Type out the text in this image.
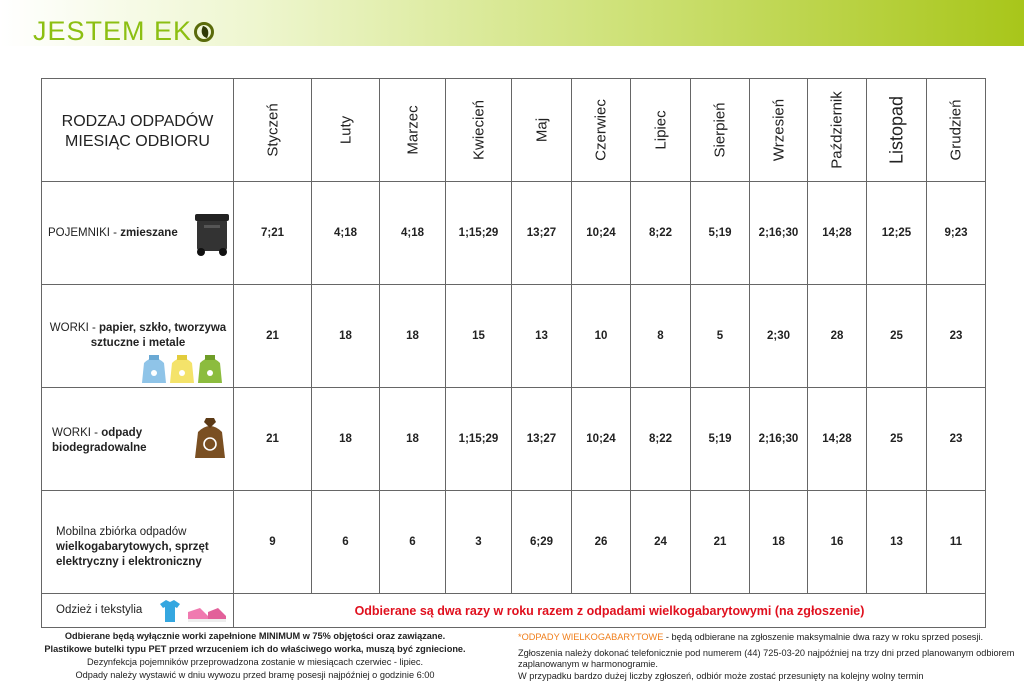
JESTEM EK
RODZAJ ODPADÓW
MIESIĄC ODBIORU	Styczeń	Luty	Marzec	Kwiecień	Maj	Czerwiec	Lipiec	Sierpień	Wrzesień	Październik	Listopad	Grudzień

POJEMNIKI - zmieszane	7;21	4;18	4;18	1;15;29	13;27	10;24	8;22	5;19	2;16;30	14;28	12;25	9;23

WORKI - papier, szkło, tworzywa sztuczne i metale	21	18	18	15	13	10	8	5	2;30	28	25	23

WORKI - odpady biodegradowalne	21	18	18	1;15;29	13;27	10;24	8;22	5;19	2;16;30	14;28	25	23

Mobilna zbiórka odpadów
wielkogabarytowych, sprzęt elektryczny i elektroniczny	9	6	6	3	6;29	26	24	21	18	16	13	11

Odzież i tekstylia	Odbierane są dwa razy w roku razem z odpadami wielkogabarytowymi (na zgłoszenie)											
Odbierane będą wyłącznie worki zapełnione MINIMUM w 75% objętości oraz zawiązane.
Plastikowe butelki typu PET przed wrzuceniem ich do właściwego worka, muszą być zgniecione.
Dezynfekcja pojemników przeprowadzona zostanie w miesiącach czerwiec - lipiec.
Odpady należy wystawić w dniu wywozu przed bramę posesji najpóźniej o godzinie 6:00
*ODPADY WIELKOGABARYTOWE - będą odbierane na zgłoszenie maksymalnie dwa razy w roku sprzed posesji.
Zgłoszenia należy dokonać telefonicznie pod numerem (44) 725-03-20 najpóźniej na trzy dni przed planowanym odbiorem zaplanowanym w harmonogramie.
W przypadku bardzo dużej liczby zgłoszeń, odbiór może zostać przesunięty na kolejny wolny termin
